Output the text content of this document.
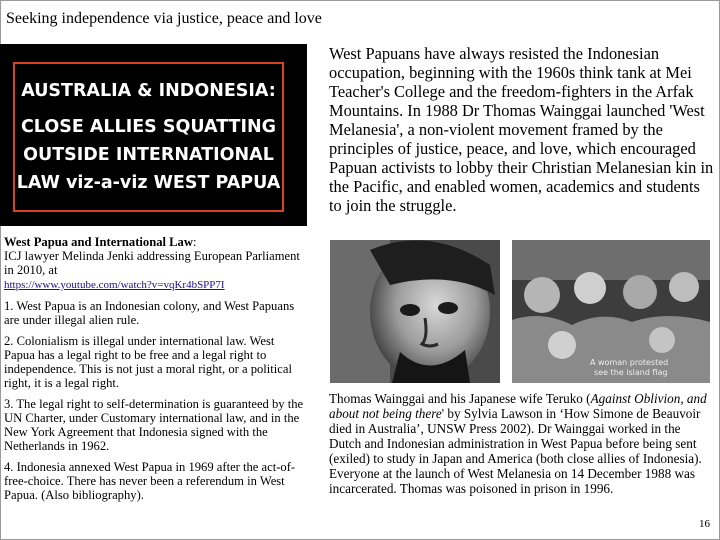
Seeking independence via justice, peace and love
AUSTRALIA & INDONESIA:
CLOSE ALLIES SQUATTING
OUTSIDE INTERNATIONAL
LAW viz-a-viz WEST PAPUA
West Papuans have always resisted the Indonesian occupation, beginning with the 1960s think tank at Mei Teacher's College and the freedom-fighters in the Arfak Mountains. In 1988 Dr Thomas Wainggai launched 'West Melanesia', a non-violent movement framed by the principles of justice, peace, and love, which encouraged Papuan activists to lobby their Christian Melanesian kin in the Pacific, and enabled women, academics and students to join the struggle.

West Papua and International Law:
ICJ lawyer Melinda Jenki addressing European Parliament in 2010, at
https://www.youtube.com/watch?v=vqKr4bSPP7I

1. West Papua is an Indonesian colony, and West Papuans are under illegal alien rule.

2. Colonialism is illegal under international law. West Papua has a legal right to be free and a legal right to independence. This is not just a moral right, or a political right, it is a legal right.

3. The legal right to self-determination is guaranteed by the UN Charter, under Customary international law, and in the New York Agreement that Indonesia signed with the Netherlands in 1962.

4. Indonesia annexed West Papua in 1969 after the act-of-free-choice. There has never been a referendum in West Papua. (Also bibliography).

A woman protested
see the island flag
Thomas Wainggai and his Japanese wife Teruko (Against Oblivion, and about not being there' by Sylvia Lawson in ‘How Simone de Beauvoir died in Australia’, UNSW Press 2002). Dr Wainggai worked in the Dutch and Indonesian administration in West Papua before being sent (exiled) to study in Japan and America (both close allies of Indonesia). Everyone at the launch of West Melanesia on 14 December 1988 was incarcerated. Thomas was poisoned in prison in 1996.
16
